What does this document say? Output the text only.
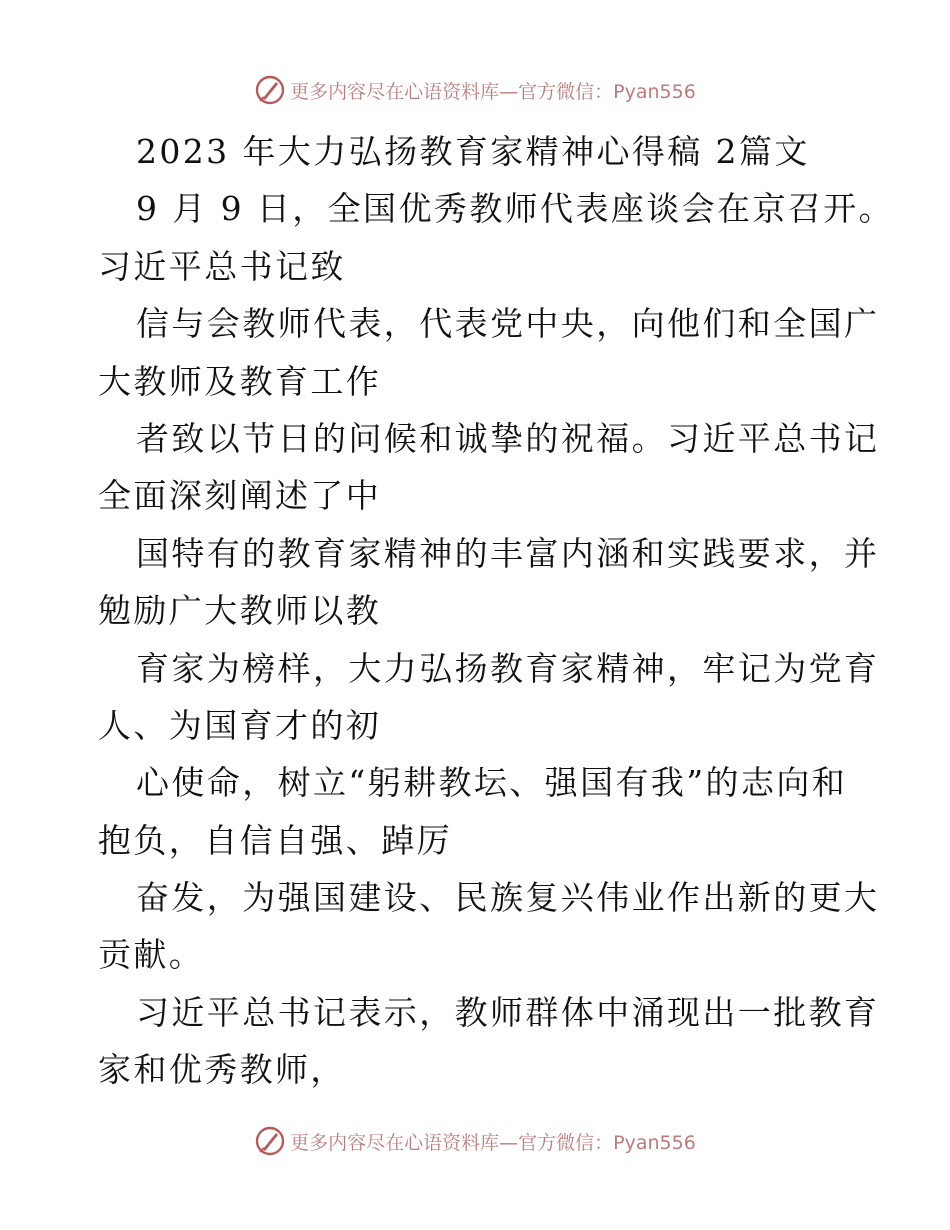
更多内容尽在心语资料库—官方微信：Pyan556
2023 年大力弘扬教育家精神心得稿 2篇文
9 月 9 日，全国优秀教师代表座谈会在京召开。
习近平总书记致
信与会教师代表，代表党中央，向他们和全国广
大教师及教育工作
者致以节日的问候和诚挚的祝福。习近平总书记
全面深刻阐述了中
国特有的教育家精神的丰富内涵和实践要求，并
勉励广大教师以教
育家为榜样，大力弘扬教育家精神，牢记为党育
人、为国育才的初
心使命，树立“躬耕教坛、强国有我”的志向和
抱负，自信自强、踔厉
奋发，为强国建设、民族复兴伟业作出新的更大
贡献。
习近平总书记表示，教师群体中涌现出一批教育
家和优秀教师，
更多内容尽在心语资料库—官方微信：Pyan556
